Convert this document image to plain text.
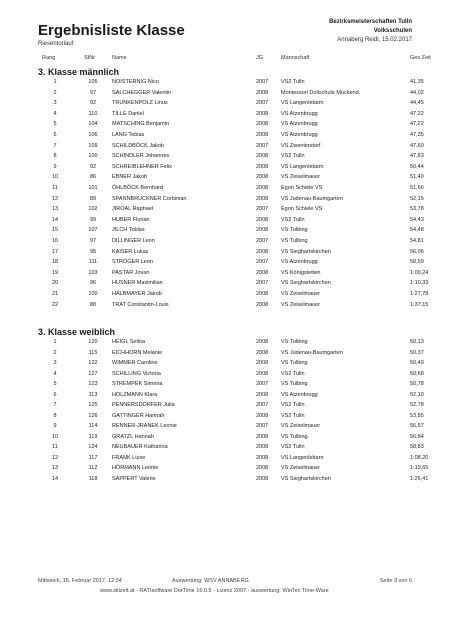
Ergebnisliste Klasse
Riesentorlauf
Bezirksmeisterschaften Tulln
Volksschulen
Annaberg Reidl, 15.02.2017
Rang	StNr	Name	JG	Mannschaft	Ges.Zeit
3. Klasse männlich
1	105	NOISTERNIG Nico	2007 VS2 Tulln	41,35
2	97	SALCHEGGER Valentin	2008 Montessori Dollschule Muckend.	44,02
3	92	TRUNKENPOLZ Linus	2007 VS Langenlebarn	44,45
4	110	TILLE Daniel	2008 VS Atzenbrugg	47,22
5	104	MATSCHING Benjamin	2008 VS Atzenbrugg	47,22
6	106	LANG Tobias	2008 VS Atzenbrugg	47,35
7	109	SCHILDBÖCK Jakob	2007 VS Zwentendorf	47,60
8	100	SCHINDLER Johannes	2008 VS2 Tulln	47,63
9	92	SCHREIBLEHNER Felix	2008 VS Langenlebarn	50,44
10	86	EBNER Jakob	2008 VS Zeiselmauer	51,40
11	101	ÖHLBÖCK Bernhard	2008 Egon Schiele VS	51,66
12	89	SPANNBRUCKNER Corbinian	2008 VS Judenau-Baumgarten	52,15
13	102	JIROAL Raphael	2007 Egon Schiele VS	53,78
14	99	HUBER Florian	2008 VS2 Tulln	54,43
15	107	JILCH Tobias	2008 VS Tulbing	54,48
16	97	DILLINGER Leon	2007 VS Tulbing	54,81
17	95	KAISER Lukas	2008 VS Sieghartskirchen	56,06
18	111	STRÖGER Leon	2007 VS Atzenbrugg	58,59
19	103	PASTAR Jovan	2008 VS Königstetten	1:00,24
20	96	HUSNER Maximilian	2007 VS Sieghartskirchen	1:10,33
21	100	HALBMAYER Jakob	2008 VS Zeiselmauer	1:27,78
22	88	TRAT Constantin-Louis	2008 VS Zeiselmauer	1:37,15
3. Klasse weiblich
1	120	HEIGL Selina	2008 VS Tulbing	50,13
2	115	EICHHORN Melanie	2008 VS Judenau-Baumgarten	50,37
3	122	WIMMER Caroline	2008 VS Tulbing	50,49
4	127	SCHILLING Victoria	2008 VS2 Tulln	50,68
5	123	STREMPEK Simona	2007 VS Tulbing	50,78
6	113	HOLZMANN Klara	2008 VS Atzenbrugg	52,10
7	125	PENNERSDORFER Julia	2007 VS2 Tulln	52,78
8	126	GATTINGER Hannah	2008 VS2 Tulln	53,85
9	114	RENNER-JRANEK Leonie	2007 VS Zeiselmauer	56,57
10	119	GRATZL Hannah	2008 VS Tulbing	56,84
11	124	NEUBAUER Katharina	2008 VS2 Tulln	58,83
12	117	FRANK Luise	2008 VS Langenlebarn	1:08,20
13	112	HÖRMANN Leonie	2008 VS Zeiselmauer	1:19,65
14	118	SAPPERT Valerie	2008 VS Sieghartskirchen	1:26,41
Mittwoch, 15. Februar 2017, 12:34	Auswertung: WSV ANNABERG	Seite 3 von 6
www.skizeit.at - RATIsoftware DorTime 16.0.5 - Lizenz 2007 - auswertung: WinTec Time-Ware
